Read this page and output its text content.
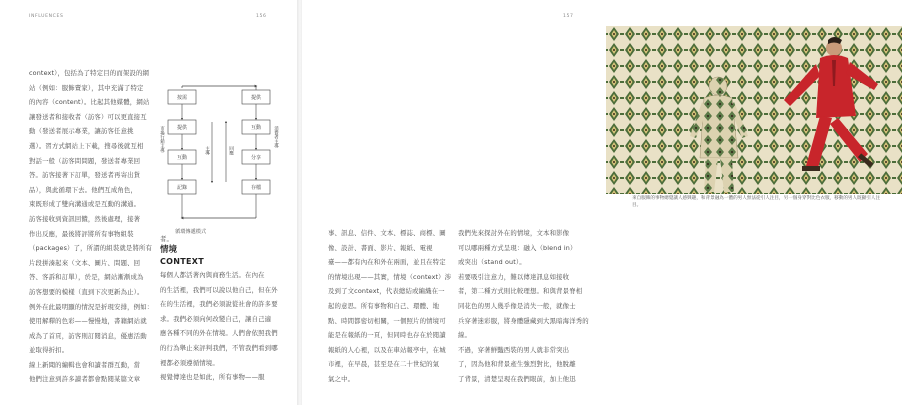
INFLUENCES	156

context），包括為了特定目的而架設的網

站（例如：服飾賣家），其中充滿了特定

的內容（content）。比起其他媒體，網站

讓發送者和接收者（訪客）可以更直接互

動（發送者展示專業，讓訪客任意挑

選）。習方式網站上下載，搜尋後就互相

對話一般（訪客問問題，發送者專業回

答。訪客接著下訂單，發送者再寄出貨

品），與此循環下去。他們互成角色，

束既形成了雙向溝通或是互動的溝通。

訪客接收到資訊回饋，然後處理，接著

作出反應，最後將評將所有事物組裝

（packages）了，所謂的組裝就是將所有

片段拼湊起來（文本、圖片、問題、回

答、客訴和訂單），於是，網站漸漸成為

訪客想要的模樣（直到下次更新為止）。

例外在此最明顯的情況是折現安排，例如：

使用解釋的色彩——慢慢地，書籍網站就

成為了首頁，訪客則訂閱消息，優惠活動

並取得折扣。

線上新聞的編輯也會和讀者群互動，當

他們注意到許多讀者都會點閱某篇文章

按需
提供
互動
記錄
提供
互動
分享
存檔
主導	回應
市場行銷主導	消費者主導
循環傳遞模式

者。

情境
CONTEXT

每個人都活著內與商務生活。在內在

的生活裡，我們可以說以他自己，但在外

在的生活裡，我們必須說從社會的許多要

求。我們必須向何改變自己，讓自己適

應各種不同的外在情境。人們會依照我們

的行為舉止來評判我們，不管我們看到哪

裡都必須遵循情境。

視覺傳達也是如此，所有事物——服

157
來自服飾的事物總覺讓人感興趣，和背景融為一體的男人無法從引人注目，另一個身穿對比色衣服，移動的男人既顯引人注
目。

事、訊息、信件、文本、標誌、商標、圖

像、設計、書面、影片、報紙、電視

臺——都有內在和外在兩面，並且在特定

的情境出現——其實，情境（context）涉

及到了文context，代表總結或編織在一

起的意思。所有事物和自己、環體、地

點、時間都密切相關，一個照片的情境可

能是在報紙的一頁，但同時也存在於閱讀

報紙的人心裡，以及在車站報亭中，在城

市裡，在早晨，甚至是在二十世紀的氣

氣之中。

我們先來探討外在的情境，文本和影像

可以哪兩種方式呈現：融入（blend in）

或突出（stand out）。

若要吸引注意力，難以傳達訊息如接收

者，第二種方式則比較理想。和與背景脊相

同花色的男人幾乎像是消失一般，就像士

兵穿著迷彩服，將身體隱藏到大黑暗海洋秀的

線。

不過，穿著鮮豔西裝的男人就非常突出

了，因為他和背景產生強烈對比，他脫離

了背景，清楚呈現在我們眼前，加上他迅
